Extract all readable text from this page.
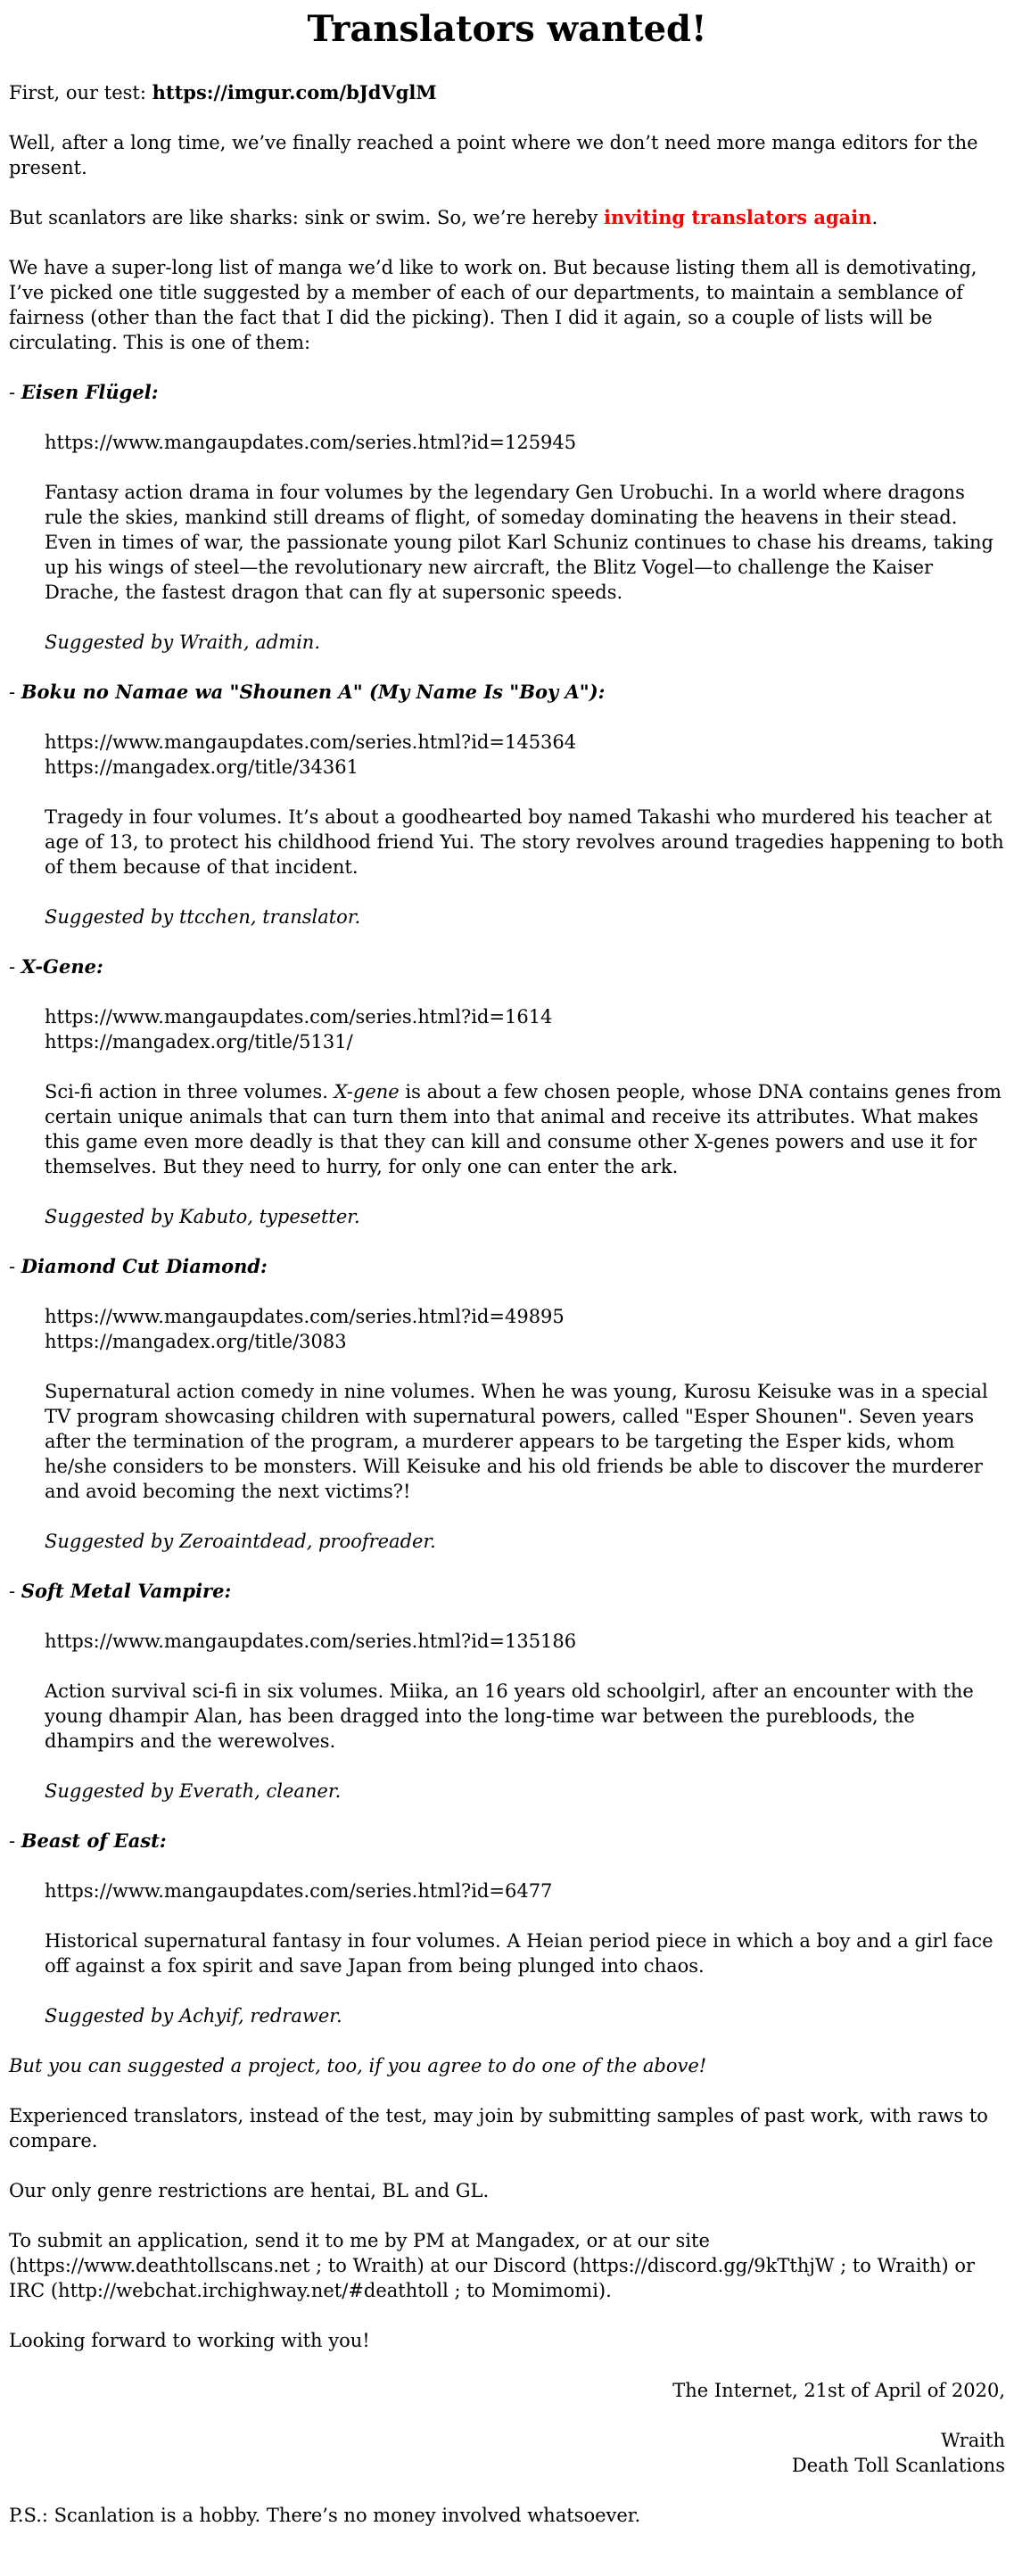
Translators wanted!

First, our test: https://imgur.com/bJdVglM

Well, after a long time, we’ve finally reached a point where we don’t need more manga editors for the present.

But scanlators are like sharks: sink or swim. So, we’re hereby inviting translators again.

We have a super-long list of manga we’d like to work on. But because listing them all is demotivating, I’ve picked one title suggested by a member of each of our departments, to maintain a semblance of fairness (other than the fact that I did the picking). Then I did it again, so a couple of lists will be circulating. This is one of them:

- Eisen Flügel:

https://www.mangaupdates.com/series.html?id=125945

Fantasy action drama in four volumes by the legendary Gen Urobuchi. In a world where dragons rule the skies, mankind still dreams of flight, of someday dominating the heavens in their stead. Even in times of war, the passionate young pilot Karl Schuniz continues to chase his dreams, taking up his wings of steel—the revolutionary new aircraft, the Blitz Vogel—to challenge the Kaiser Drache, the fastest dragon that can fly at supersonic speeds.

Suggested by Wraith, admin.

- Boku no Namae wa "Shounen A" (My Name Is "Boy A"):

https://www.mangaupdates.com/series.html?id=145364
https://mangadex.org/title/34361

Tragedy in four volumes. It’s about a goodhearted boy named Takashi who murdered his teacher at age of 13, to protect his childhood friend Yui. The story revolves around tragedies happening to both of them because of that incident.

Suggested by ttcchen, translator.

- X-Gene:

https://www.mangaupdates.com/series.html?id=1614
https://mangadex.org/title/5131/

Sci-fi action in three volumes. X-gene is about a few chosen people, whose DNA contains genes from certain unique animals that can turn them into that animal and receive its attributes. What makes this game even more deadly is that they can kill and consume other X-genes powers and use it for themselves. But they need to hurry, for only one can enter the ark.

Suggested by Kabuto, typesetter.

- Diamond Cut Diamond:

https://www.mangaupdates.com/series.html?id=49895
https://mangadex.org/title/3083

Supernatural action comedy in nine volumes. When he was young, Kurosu Keisuke was in a special TV program showcasing children with supernatural powers, called "Esper Shounen". Seven years after the termination of the program, a murderer appears to be targeting the Esper kids, whom he/she considers to be monsters. Will Keisuke and his old friends be able to discover the murderer and avoid becoming the next victims?!

Suggested by Zeroaintdead, proofreader.

- Soft Metal Vampire:

https://www.mangaupdates.com/series.html?id=135186

Action survival sci-fi in six volumes. Miika, an 16 years old schoolgirl, after an encounter with the young dhampir Alan, has been dragged into the long-time war between the purebloods, the dhampirs and the werewolves.

Suggested by Everath, cleaner.

- Beast of East:

https://www.mangaupdates.com/series.html?id=6477

Historical supernatural fantasy in four volumes. A Heian period piece in which a boy and a girl face off against a fox spirit and save Japan from being plunged into chaos.

Suggested by Achyif, redrawer.

But you can suggested a project, too, if you agree to do one of the above!

Experienced translators, instead of the test, may join by submitting samples of past work, with raws to compare.

Our only genre restrictions are hentai, BL and GL.

To submit an application, send it to me by PM at Mangadex, or at our site (https://www.deathtollscans.net ; to Wraith) at our Discord (https://discord.gg/9kTthjW ; to Wraith) or IRC (http://webchat.irchighway.net/#deathtoll ; to Momimomi).

Looking forward to working with you!

The Internet, 21st of April of 2020,

Wraith
Death Toll Scanlations

P.S.: Scanlation is a hobby. There’s no money involved whatsoever.
